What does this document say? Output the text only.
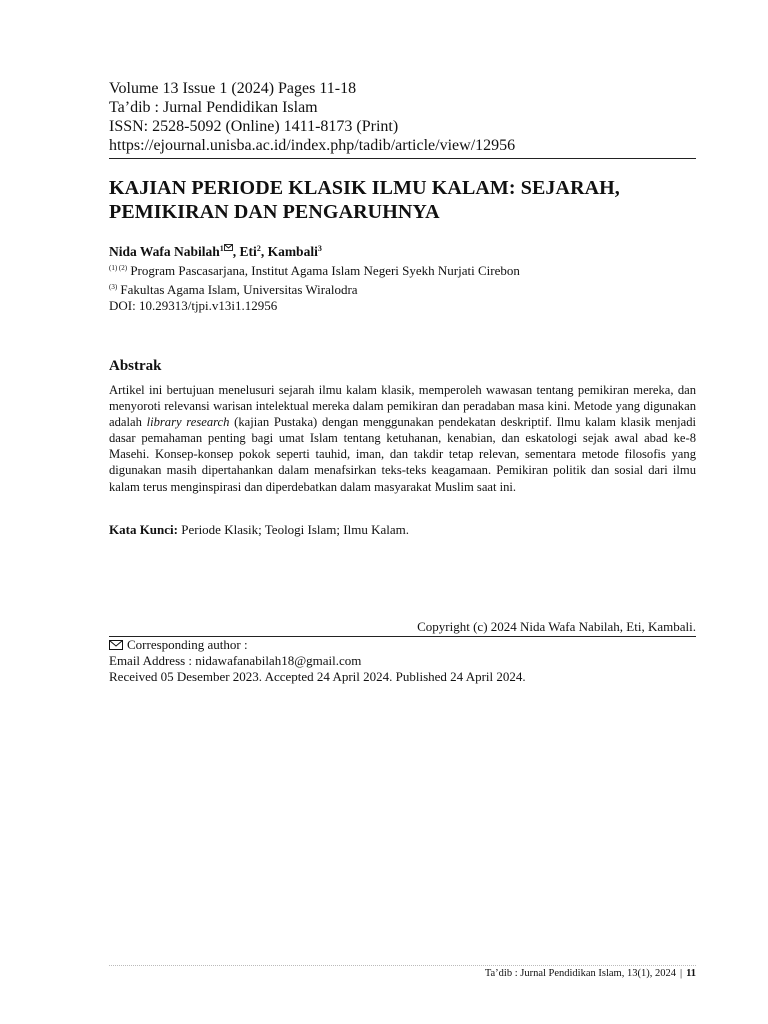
Volume 13 Issue 1 (2024) Pages 11-18
Ta’dib : Jurnal Pendidikan Islam
ISSN: 2528-5092 (Online) 1411-8173 (Print)
https://ejournal.unisba.ac.id/index.php/tadib/article/view/12956
KAJIAN PERIODE KLASIK ILMU KALAM: SEJARAH,
PEMIKIRAN DAN PENGARUHNYA
Nida Wafa Nabilah$^1$ , Eti$^2$, Kambali$^3$
$^{(1) (2)}$ Program Pascasarjana, Institut Agama Islam Negeri Syekh Nurjati Cirebon
$^{(3)}$ Fakultas Agama Islam, Universitas Wiralodra
DOI: 10.29313/tjpi.v13i1.12956
Abstrak
Artikel ini bertujuan menelusuri sejarah ilmu kalam klasik, memperoleh wawasan tentang pemikiran mereka, dan menyoroti relevansi warisan intelektual mereka dalam pemikiran dan peradaban masa kini. Metode yang digunakan adalah library research (kajian Pustaka) dengan menggunakan pendekatan deskriptif. Ilmu kalam klasik menjadi dasar pemahaman penting bagi umat Islam tentang ketuhanan, kenabian, dan eskatologi sejak awal abad ke-8 Masehi. Konsep-konsep pokok seperti tauhid, iman, dan takdir tetap relevan, sementara metode filosofis yang digunakan masih dipertahankan dalam menafsirkan teks-teks keagamaan. Pemikiran politik dan sosial dari ilmu kalam terus menginspirasi dan diperdebatkan dalam masyarakat Muslim saat ini.
Kata Kunci: Periode Klasik; Teologi Islam; Ilmu Kalam.
Copyright (c) 2024 Nida Wafa Nabilah, Eti, Kambali.
Corresponding author :
Email Address : nidawafanabilah18@gmail.com
Received 05 Desember 2023. Accepted 24 April 2024. Published 24 April 2024.
Ta’dib : Jurnal Pendidikan Islam, 13(1), 2024 | 11
